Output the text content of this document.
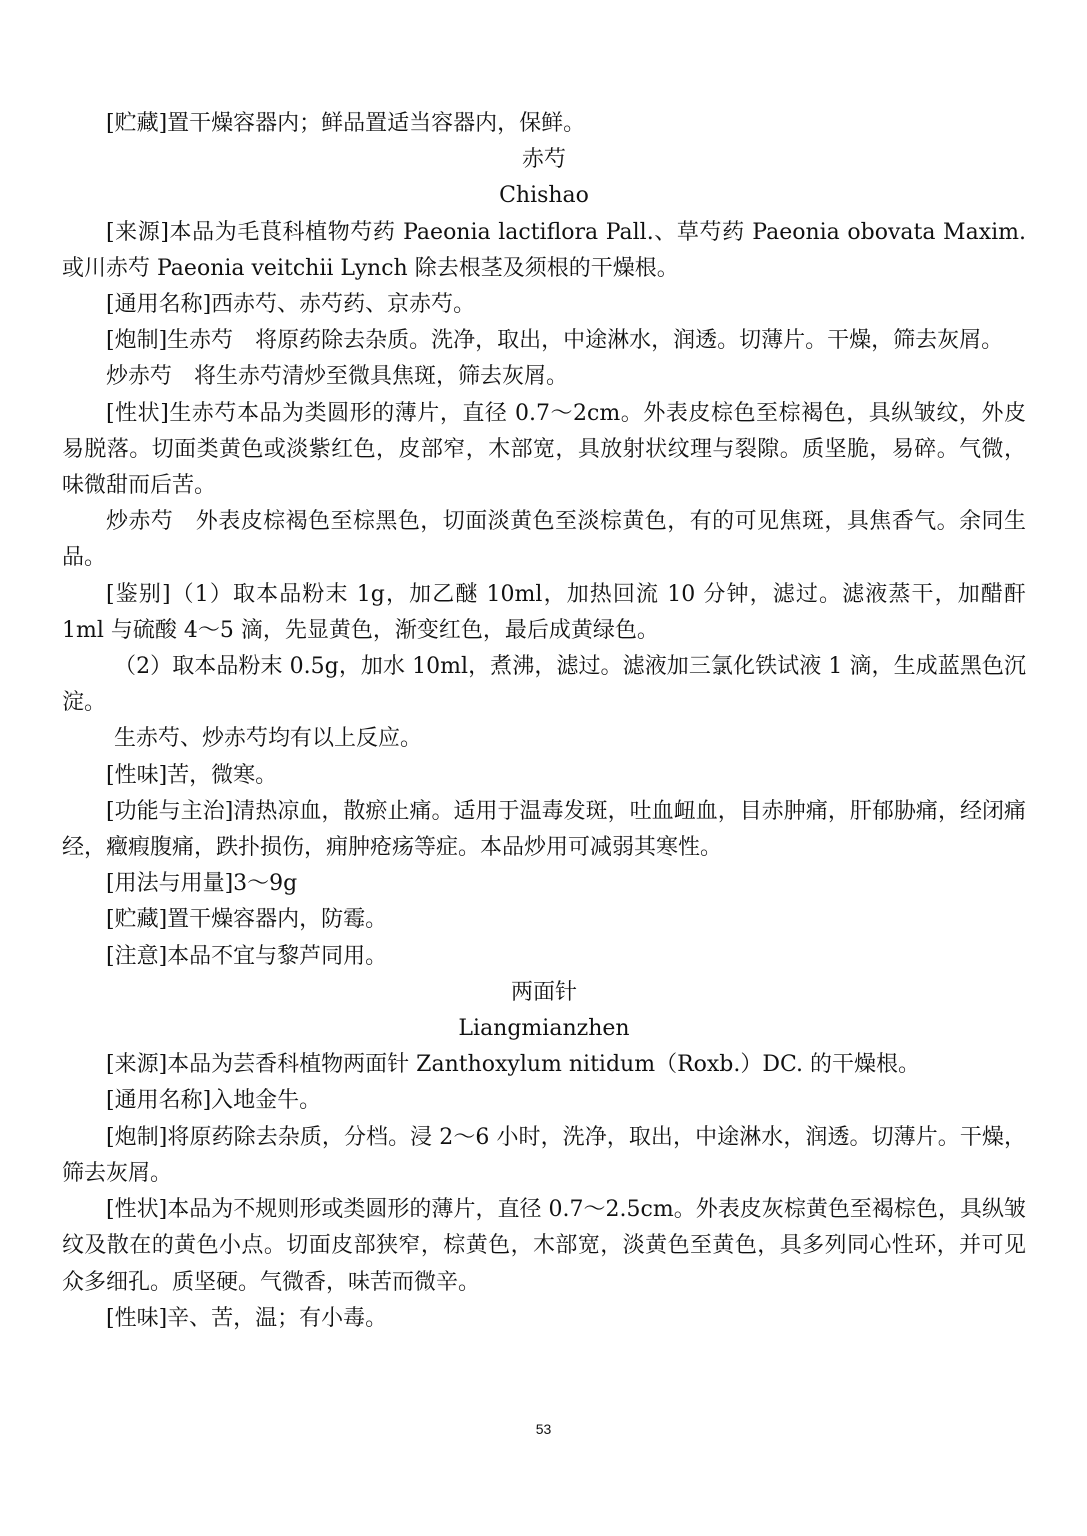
[贮藏]置干燥容器内；鲜品置适当容器内，保鲜。
赤芍
Chishao
[来源]本品为毛茛科植物芍药 Paeonia lactiflora Pall.、草芍药 Paeonia obovata Maxim. 或川赤芍 Paeonia veitchii Lynch 除去根茎及须根的干燥根。
[通用名称]西赤芍、赤芍药、京赤芍。
[炮制]生赤芍　将原药除去杂质。洗净，取出，中途淋水，润透。切薄片。干燥，筛去灰屑。
炒赤芍　将生赤芍清炒至微具焦斑，筛去灰屑。
[性状]生赤芍本品为类圆形的薄片，直径 0.7～2cm。外表皮棕色至棕褐色，具纵皱纹，外皮易脱落。切面类黄色或淡紫红色，皮部窄，木部宽，具放射状纹理与裂隙。质坚脆，易碎。气微，味微甜而后苦。
炒赤芍　外表皮棕褐色至棕黑色，切面淡黄色至淡棕黄色，有的可见焦斑，具焦香气。余同生品。
[鉴别]（1）取本品粉末 1g，加乙醚 10ml，加热回流 10 分钟，滤过。滤液蒸干，加醋酐 1ml 与硫酸 4～5 滴，先显黄色，渐变红色，最后成黄绿色。
（2）取本品粉末 0.5g，加水 10ml，煮沸，滤过。滤液加三氯化铁试液 1 滴，生成蓝黑色沉淀。
生赤芍、炒赤芍均有以上反应。
[性味]苦，微寒。
[功能与主治]清热凉血，散瘀止痛。适用于温毒发斑，吐血衄血，目赤肿痛，肝郁胁痛，经闭痛经，癥瘕腹痛，跌扑损伤，痈肿疮疡等症。本品炒用可减弱其寒性。
[用法与用量]3～9g
[贮藏]置干燥容器内，防霉。
[注意]本品不宜与黎芦同用。
两面针
Liangmianzhen
[来源]本品为芸香科植物两面针 Zanthoxylum nitidum（Roxb.）DC. 的干燥根。
[通用名称]入地金牛。
[炮制]将原药除去杂质，分档。浸 2～6 小时，洗净，取出，中途淋水，润透。切薄片。干燥，筛去灰屑。
[性状]本品为不规则形或类圆形的薄片，直径 0.7～2.5cm。外表皮灰棕黄色至褐棕色，具纵皱纹及散在的黄色小点。切面皮部狭窄，棕黄色，木部宽，淡黄色至黄色，具多列同心性环，并可见众多细孔。质坚硬。气微香，味苦而微辛。
[性味]辛、苦，温；有小毒。
53
